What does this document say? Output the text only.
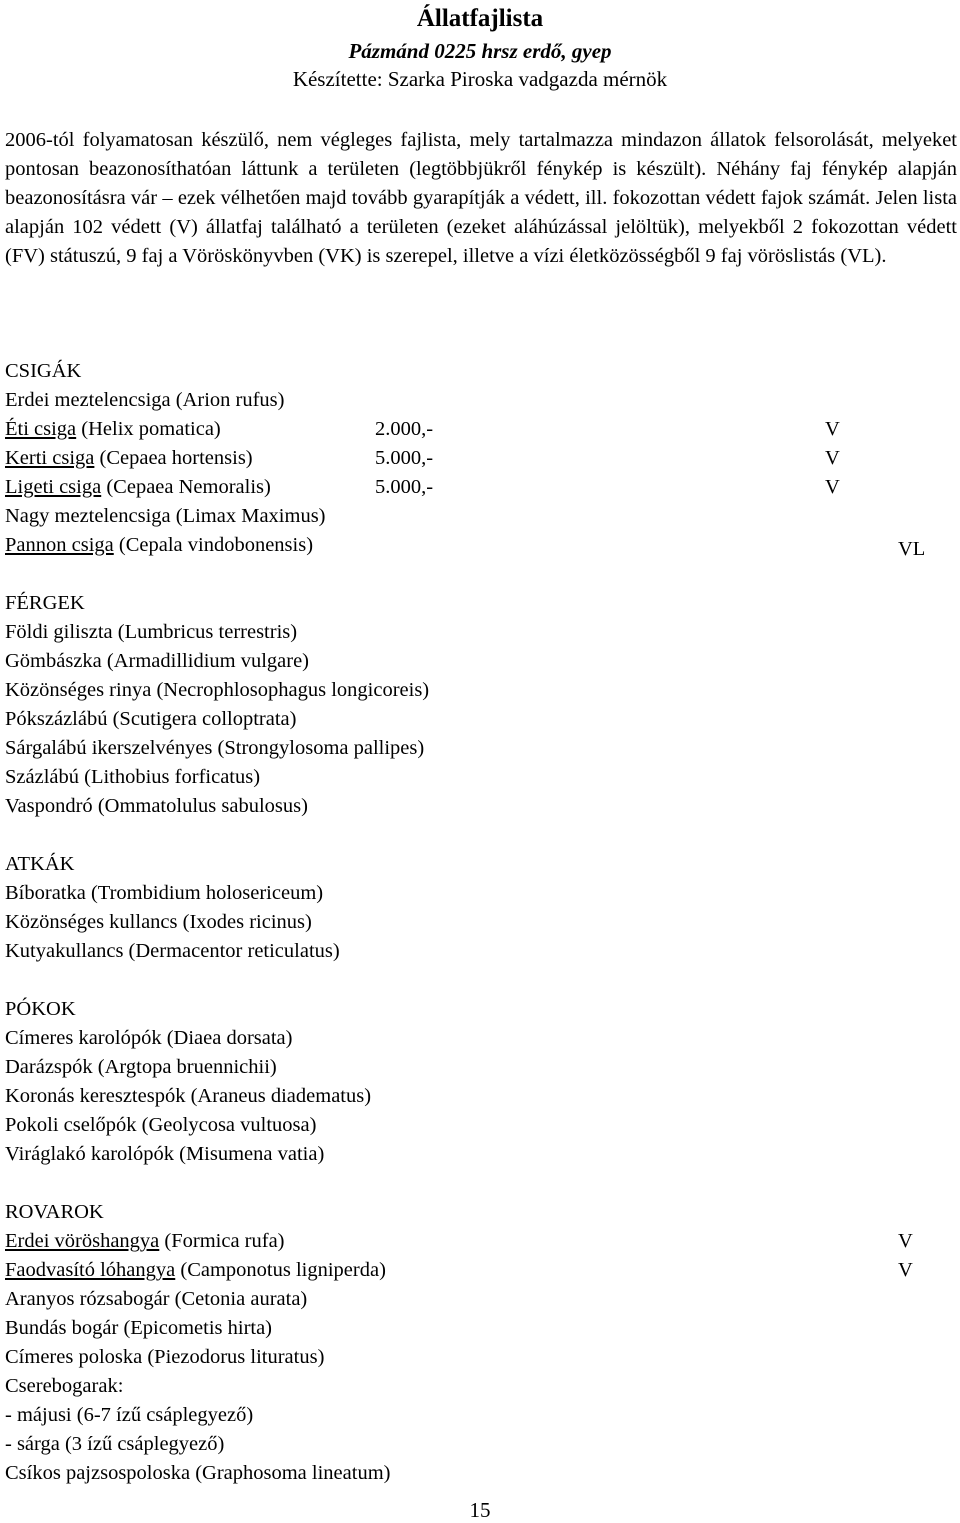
Állatfajlista
Pázmánd 0225 hrsz erdő, gyep
Készítette: Szarka Piroska vadgazda mérnök

2006-tól folyamatosan készülő, nem végleges fajlista, mely tartalmazza mindazon állatok felsorolását, melyeket pontosan beazonosíthatóan láttunk a területen (legtöbbjükről fénykép is készült). Néhány faj fénykép alapján beazonosításra vár – ezek vélhetően majd tovább gyarapítják a védett, ill. fokozottan védett fajok számát. Jelen lista alapján 102 védett (V) állatfaj található a területen (ezeket aláhúzással jelöltük), melyekből 2 fokozottan védett (FV) státuszú, 9 faj a Vöröskönyvben (VK) is szerepel, illetve a vízi életközösségből 9 faj vöröslistás (VL).

CSIGÁK
Erdei meztelencsiga (Arion rufus)
Éti csiga (Helix pomatica)	2.000,-	V
Kerti csiga (Cepaea hortensis)	5.000,-	V
Ligeti csiga (Cepaea Nemoralis)	5.000,-	V
Nagy meztelencsiga (Limax Maximus)
Pannon csiga (Cepala vindobonensis)	VL
FÉRGEK
Földi giliszta (Lumbricus terrestris)
Gömbászka (Armadillidium vulgare)
Közönséges rinya (Necrophlosophagus longicoreis)
Pókszázlábú (Scutigera colloptrata)
Sárgalábú ikerszelvényes (Strongylosoma pallipes)
Százlábú (Lithobius forficatus)
Vaspondró (Ommatolulus sabulosus)
ATKÁK
Bíboratka (Trombidium holosericeum)
Közönséges kullancs (Ixodes ricinus)
Kutyakullancs (Dermacentor reticulatus)
PÓKOK
Címeres karolópók (Diaea dorsata)
Darázspók (Argtopa bruennichii)
Koronás keresztespók (Araneus diadematus)
Pokoli cselőpók (Geolycosa vultuosa)
Viráglakó karolópók (Misumena vatia)
ROVAROK
Erdei vöröshangya (Formica rufa)	V
Faodvasító lóhangya (Camponotus ligniperda)	V
Aranyos rózsabogár (Cetonia aurata)
Bundás bogár (Epicometis hirta)
Címeres poloska (Piezodorus lituratus)
Cserebogarak:
- májusi (6-7 ízű csáplegyező)
- sárga (3 ízű csáplegyező)
Csíkos pajzsospoloska (Graphosoma lineatum)
15
